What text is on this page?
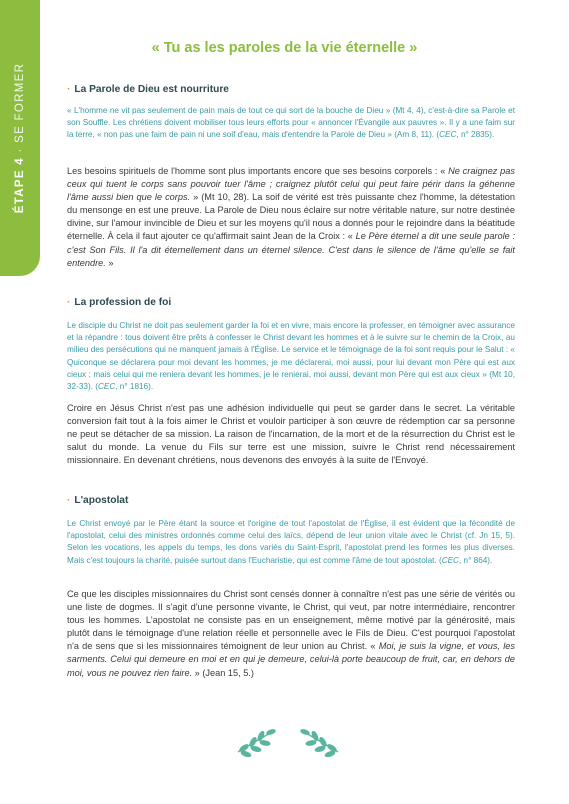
ÉTAPE 4 · SE FORMER
« Tu as les paroles de la vie éternelle »
· La Parole de Dieu est nourriture

« L'homme ne vit pas seulement de pain mais de tout ce qui sort de la bouche de Dieu » (Mt 4, 4), c'est-à-dire sa Parole et son Souffle. Les chrétiens doivent mobiliser tous leurs efforts pour « annoncer l'Évangile aux pauvres ». Il y a une faim sur la terre, « non pas une faim de pain ni une soif d'eau, mais d'entendre la Parole de Dieu » (Am 8, 11). (CEC, n° 2835).

Les besoins spirituels de l'homme sont plus importants encore que ses besoins corporels : « Ne craignez pas ceux qui tuent le corps sans pouvoir tuer l'âme ; craignez plutôt celui qui peut faire périr dans la géhenne l'âme aussi bien que le corps. » (Mt 10, 28). La soif de vérité est très puissante chez l'homme, la détestation du mensonge en est une preuve. La Parole de Dieu nous éclaire sur notre véritable nature, sur notre destinée divine, sur l'amour invincible de Dieu et sur les moyens qu'il nous a donnés pour le rejoindre dans la béatitude éternelle. À cela il faut ajouter ce qu'affirmait saint Jean de la Croix : « Le Père éternel a dit une seule parole : c'est Son Fils. Il l'a dit éternellement dans un éternel silence. C'est dans le silence de l'âme qu'elle se fait entendre. »

· La profession de foi

Le disciple du Christ ne doit pas seulement garder la foi et en vivre, mais encore la professer, en témoigner avec assurance et la répandre : tous doivent être prêts à confesser le Christ devant les hommes et à le suivre sur le chemin de la Croix, au milieu des persécutions qui ne manquent jamais à l'Église. Le service et le témoignage de la foi sont requis pour le Salut : « Quiconque se déclarera pour moi devant les hommes, je me déclarerai, moi aussi, pour lui devant mon Père qui est aux cieux ; mais celui qui me reniera devant les hommes, je le renierai, moi aussi, devant mon Père qui est aux cieux » (Mt 10, 32-33). (CEC, n° 1816).

Croire en Jésus Christ n'est pas une adhésion individuelle qui peut se garder dans le secret. La véritable conversion fait tout à la fois aimer le Christ et vouloir participer à son œuvre de rédemption car sa personne ne peut se détacher de sa mission. La raison de l'incarnation, de la mort et de la résurrection du Christ est le salut du monde. La venue du Fils sur terre est une mission, suivre le Christ rend nécessairement missionnaire. En devenant chrétiens, nous devenons des envoyés à la suite de l'Envoyé.

· L'apostolat

Le Christ envoyé par le Père étant la source et l'origine de tout l'apostolat de l'Église, il est évident que la fécondité de l'apostolat, celui des ministres ordonnés comme celui des laïcs, dépend de leur union vitale avec le Christ (cf. Jn 15, 5). Selon les vocations, les appels du temps, les dons variés du Saint-Esprit, l'apostolat prend les formes les plus diverses. Mais c'est toujours la charité, puisée surtout dans l'Eucharistie, qui est comme l'âme de tout apostolat. (CEC, n° 864).

Ce que les disciples missionnaires du Christ sont censés donner à connaître n'est pas une série de vérités ou une liste de dogmes. Il s'agit d'une personne vivante, le Christ, qui veut, par notre intermédiaire, rencontrer tous les hommes. L'apostolat ne consiste pas en un enseignement, même motivé par la générosité, mais plutôt dans le témoignage d'une relation réelle et personnelle avec le Fils de Dieu. C'est pourquoi l'apostolat n'a de sens que si les missionnaires témoignent de leur union au Christ. « Moi, je suis la vigne, et vous, les sarments. Celui qui demeure en moi et en qui je demeure, celui-là porte beaucoup de fruit, car, en dehors de moi, vous ne pouvez rien faire. » (Jean 15, 5.)
